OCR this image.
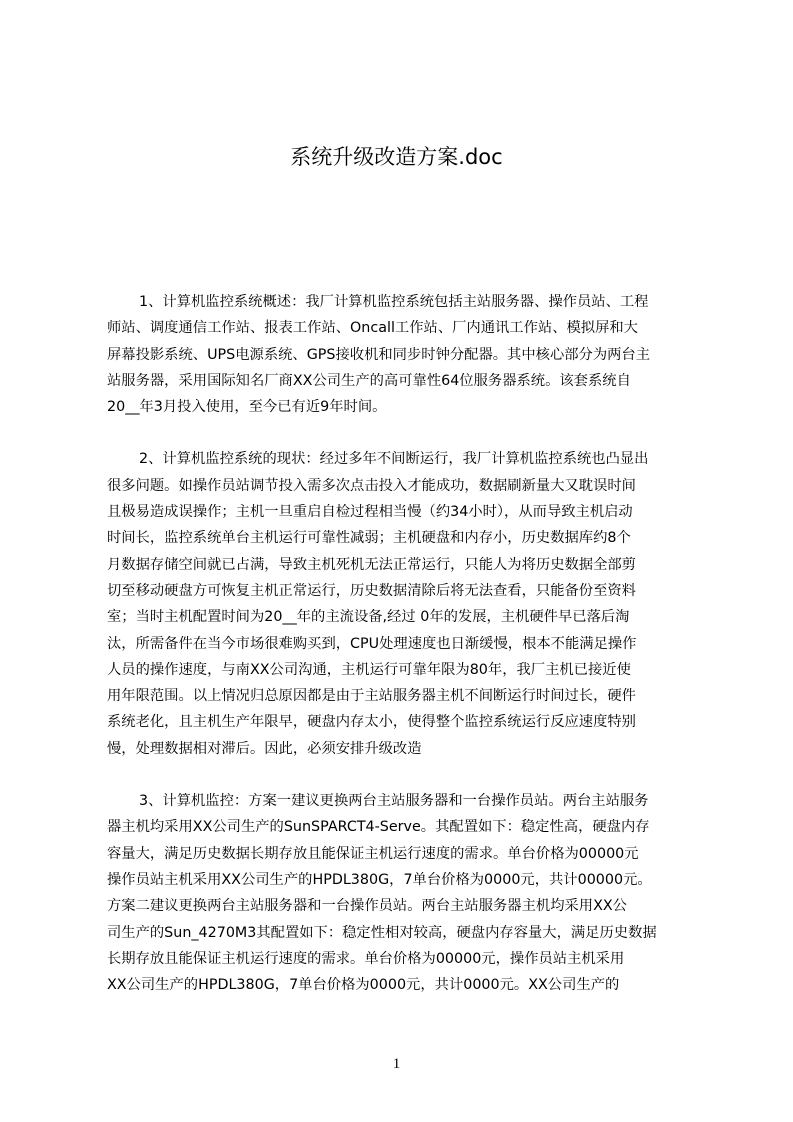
系统升级改造方案.doc
1、计算机监控系统概述：我厂计算机监控系统包括主站服务器、操作员站、工程
师站、调度通信工作站、报表工作站、Oncall工作站、厂内通讯工作站、模拟屏和大
屏幕投影系统、UPS电源系统、GPS接收机和同步时钟分配器。其中核心部分为两台主
站服务器，采用国际知名厂商XX公司生产的高可靠性64位服务器系统。该套系统自
20__年3月投入使用，至今已有近9年时间。
2、计算机监控系统的现状：经过多年不间断运行，我厂计算机监控系统也凸显出
很多问题。如操作员站调节投入需多次点击投入才能成功，数据刷新量大又耽误时间
且极易造成误操作；主机一旦重启自检过程相当慢（约34小时），从而导致主机启动
时间长，监控系统单台主机运行可靠性减弱；主机硬盘和内存小，历史数据库约8个
月数据存储空间就已占满，导致主机死机无法正常运行，只能人为将历史数据全部剪
切至移动硬盘方可恢复主机正常运行，历史数据清除后将无法查看，只能备份至资料
室；当时主机配置时间为20__年的主流设备,经过 0年的发展，主机硬件早已落后淘
汰，所需备件在当今市场很难购买到，CPU处理速度也日渐缓慢，根本不能满足操作
人员的操作速度，与南XX公司沟通，主机运行可靠年限为80年，我厂主机已接近使
用年限范围。以上情况归总原因都是由于主站服务器主机不间断运行时间过长，硬件
系统老化，且主机生产年限早，硬盘内存太小，使得整个监控系统运行反应速度特别
慢，处理数据相对滞后。因此，必须安排升级改造
3、计算机监控：方案一建议更换两台主站服务器和一台操作员站。两台主站服务
器主机均采用XX公司生产的SunSPARCT4-Serve。其配置如下：稳定性高，硬盘内存
容量大，满足历史数据长期存放且能保证主机运行速度的需求。单台价格为00000元
操作员站主机采用XX公司生产的HPDL380G，7单台价格为0000元，共计00000元。
方案二建议更换两台主站服务器和一台操作员站。两台主站服务器主机均采用XX公
司生产的Sun_4270M3其配置如下：稳定性相对较高，硬盘内存容量大，满足历史数据
长期存放且能保证主机运行速度的需求。单台价格为00000元，操作员站主机采用
XX公司生产的HPDL380G，7单台价格为0000元，共计0000元。XX公司生产的
1
